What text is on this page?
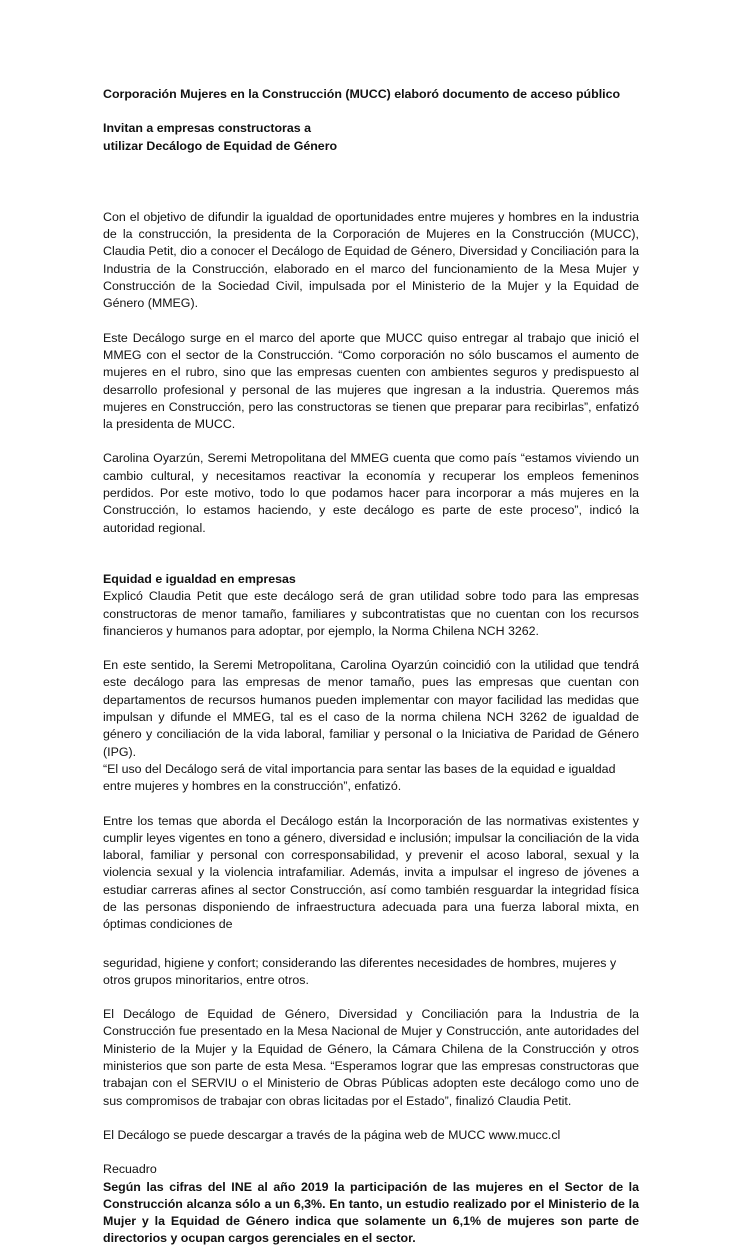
Corporación Mujeres en la Construcción (MUCC) elaboró documento de acceso público

Invitan a empresas constructoras a
utilizar Decálogo de Equidad de Género

Con el objetivo de difundir la igualdad de oportunidades entre mujeres y hombres en la industria de la construcción, la presidenta de la Corporación de Mujeres en la Construcción (MUCC), Claudia Petit, dio a conocer el Decálogo de Equidad de Género, Diversidad y Conciliación para la Industria de la Construcción, elaborado en el marco del funcionamiento de la Mesa Mujer y Construcción de la Sociedad Civil, impulsada por el Ministerio de la Mujer y la Equidad de Género (MMEG).

Este Decálogo surge en el marco del aporte que MUCC quiso entregar al trabajo que inició el MMEG con el sector de la Construcción. “Como corporación no sólo buscamos el aumento de mujeres en el rubro, sino que las empresas cuenten con ambientes seguros y predispuesto al desarrollo profesional y personal de las mujeres que ingresan a la industria. Queremos más mujeres en Construcción, pero las constructoras se tienen que preparar para recibirlas”, enfatizó la presidenta de MUCC.

Carolina Oyarzún, Seremi Metropolitana del MMEG cuenta que como país “estamos viviendo un cambio cultural, y necesitamos reactivar la economía y recuperar los empleos femeninos perdidos. Por este motivo, todo lo que podamos hacer para incorporar a más mujeres en la Construcción, lo estamos haciendo, y este decálogo es parte de este proceso”, indicó la autoridad regional.

Equidad e igualdad en empresas

Explicó Claudia Petit que este decálogo será de gran utilidad sobre todo para las empresas constructoras de menor tamaño, familiares y subcontratistas que no cuentan con los recursos financieros y humanos para adoptar, por ejemplo, la Norma Chilena NCH 3262.

En este sentido, la Seremi Metropolitana, Carolina Oyarzún coincidió con la utilidad que tendrá este decálogo para las empresas de menor tamaño, pues las empresas que cuentan con departamentos de recursos humanos pueden implementar con mayor facilidad las medidas que impulsan y difunde el MMEG, tal es el caso de la norma chilena NCH 3262 de igualdad de género y conciliación de la vida laboral, familiar y personal o la Iniciativa de Paridad de Género (IPG).

“El uso del Decálogo será de vital importancia para sentar las bases de la equidad e igualdad entre mujeres y hombres en la construcción”, enfatizó.

Entre los temas que aborda el Decálogo están la Incorporación de las normativas existentes y cumplir leyes vigentes en tono a género, diversidad e inclusión; impulsar la conciliación de la vida laboral, familiar y personal con corresponsabilidad, y prevenir el acoso laboral, sexual y la violencia sexual y la violencia intrafamiliar. Además, invita a impulsar el ingreso de jóvenes a estudiar carreras afines al sector Construcción, así como también resguardar la integridad física de las personas disponiendo de infraestructura adecuada para una fuerza laboral mixta, en óptimas condiciones de

seguridad, higiene y confort; considerando las diferentes necesidades de hombres, mujeres y otros grupos minoritarios, entre otros.

El Decálogo de Equidad de Género, Diversidad y Conciliación para la Industria de la Construcción fue presentado en la Mesa Nacional de Mujer y Construcción, ante autoridades del Ministerio de la Mujer y la Equidad de Género, la Cámara Chilena de la Construcción y otros ministerios que son parte de esta Mesa. “Esperamos lograr que las empresas constructoras que trabajan con el SERVIU o el Ministerio de Obras Públicas adopten este decálogo como uno de sus compromisos de trabajar con obras licitadas por el Estado”, finalizó Claudia Petit.

El Decálogo se puede descargar a través de la página web de MUCC www.mucc.cl

Recuadro

Según las cifras del INE al año 2019 la participación de las mujeres en el Sector de la Construcción alcanza sólo a un 6,3%. En tanto, un estudio realizado por el Ministerio de la Mujer y la Equidad de Género indica que solamente un 6,1% de mujeres son parte de directorios y ocupan cargos gerenciales en el sector.
